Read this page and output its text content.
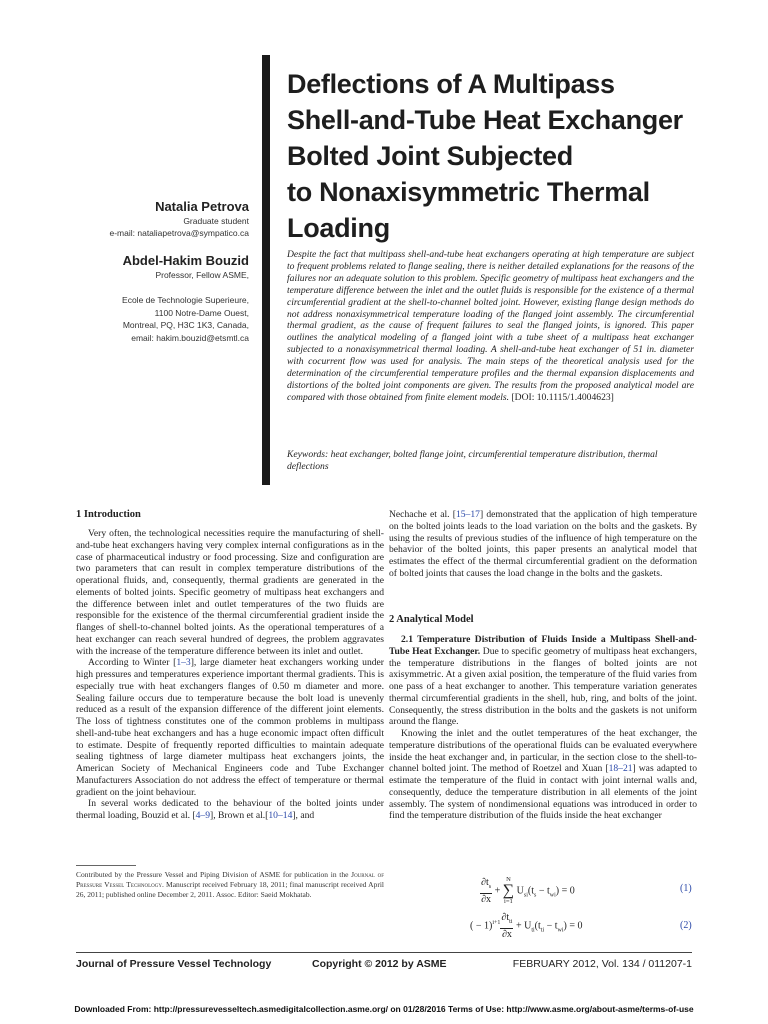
Deflections of A Multipass
Shell-and-Tube Heat Exchanger
Bolted Joint Subjected
to Nonaxisymmetric Thermal
Loading
Natalia Petrova
Graduate student
e-mail: nataliapetrova@sympatico.ca
Abdel-Hakim Bouzid
Professor, Fellow ASME,
Ecole de Technologie Superieure,
1100 Notre-Dame Ouest,
Montreal, PQ, H3C 1K3, Canada,
email: hakim.bouzid@etsmtl.ca
Despite the fact that multipass shell-and-tube heat exchangers operating at high temperature are subject to frequent problems related to flange sealing, there is neither detailed explanations for the reasons of the failures nor an adequate solution to this problem. Specific geometry of multipass heat exchangers and the temperature difference between the inlet and the outlet fluids is responsible for the existence of a thermal circumferential gradient at the shell-to-channel bolted joint. However, existing flange design methods do not address nonaxisymmetrical temperature loading of the flanged joint assembly. The circumferential thermal gradient, as the cause of frequent failures to seal the flanged joints, is ignored. This paper outlines the analytical modeling of a flanged joint with a tube sheet of a multipass heat exchanger subjected to a nonaxisymmetrical thermal loading. A shell-and-tube heat exchanger of 51 in. diameter with cocurrent flow was used for analysis. The main steps of the theoretical analysis used for the determination of the circumferential temperature profiles and the thermal expansion displacements and distortions of the bolted joint components are given. The results from the proposed analytical model are compared with those obtained from finite element models. [DOI: 10.1115/1.4004623]
Keywords: heat exchanger, bolted flange joint, circumferential temperature distribution, thermal deflections
1 Introduction

Very often, the technological necessities require the manufacturing of shell-and-tube heat exchangers having very complex internal configurations as in the case of pharmaceutical industry or food processing. Size and configuration are two parameters that can result in complex temperature distributions of the operational fluids, and, consequently, thermal gradients are generated in the elements of bolted joints. Specific geometry of multipass heat exchangers and the difference between inlet and outlet temperatures of the two fluids are responsible for the existence of the thermal circumferential gradient inside the flanges of shell-to-channel bolted joints. As the operational temperatures of a heat exchanger can reach several hundred of degrees, the problem aggravates with the increase of the temperature difference between its inlet and outlet.

According to Winter [1–3], large diameter heat exchangers working under high pressures and temperatures experience important thermal gradients. This is especially true with heat exchangers flanges of 0.50 m diameter and more. Sealing failure occurs due to temperature because the bolt load is unevenly reduced as a result of the expansion difference of the different joint elements. The loss of tightness constitutes one of the common problems in multipass shell-and-tube heat exchangers and has a huge economic impact often difficult to estimate. Despite of frequently reported difficulties to maintain adequate sealing tightness of large diameter multipass heat exchangers joints, the American Society of Mechanical Engineers code and Tube Exchanger Manufacturers Association do not address the effect of temperature or thermal gradient on the joint behaviour.

In several works dedicated to the behaviour of the bolted joints under thermal loading, Bouzid et al. [4–9], Brown et al.[10–14], and

Nechache et al. [15–17] demonstrated that the application of high temperature on the bolted joints leads to the load variation on the bolts and the gaskets. By using the results of previous studies of the influence of high temperature on the behavior of the bolted joints, this paper presents an analytical model that estimates the effect of the thermal circumferential gradient on the deformation of bolted joints that causes the load change in the bolts and the gaskets.

2 Analytical Model

2.1 Temperature Distribution of Fluids Inside a Multipass Shell-and-Tube Heat Exchanger. Due to specific geometry of multipass heat exchangers, the temperature distributions in the flanges of bolted joints are not axisymmetric. At a given axial position, the temperature of the fluid varies from one pass of a heat exchanger to another. This temperature variation generates thermal circumferential gradients in the shell, hub, ring, and bolts of the joint. Consequently, the stress distribution in the bolts and the gaskets is not uniform around the flange.

Knowing the inlet and the outlet temperatures of the heat exchanger, the temperature distributions of the operational fluids can be evaluated everywhere inside the heat exchanger and, in particular, in the section close to the shell-to-channel bolted joint. The method of Roetzel and Xuan [18–21] was adapted to estimate the temperature of the fluid in contact with joint internal walls and, consequently, deduce the temperature distribution in all elements of the joint assembly. The system of nondimensional equations was introduced in order to find the temperature distribution of the fluids inside the heat exchanger

$\frac{\partial t_s}{\partial x}$ +
N
∑
i=1
$U_{si}(t_s - t_{wi}) = 0$	(1)
( − $1)^{i+1} \frac{\partial t_{ti}}{\partial x} + U_{ti}(t_{ti} - t_{wi}) = 0$	(2)
Contributed by the Pressure Vessel and Piping Division of ASME for publication in the Journal of Pressure Vessel Technology. Manuscript received February 18, 2011; final manuscript received April 26, 2011; published online December 2, 2011. Assoc. Editor: Saeid Mokhatab.
Journal of Pressure Vessel Technology	Copyright © 2012 by ASME	FEBRUARY 2012, Vol. 134 / 011207-1
Downloaded From: http://pressurevesseltech.asmedigitalcollection.asme.org/ on 01/28/2016 Terms of Use: http://www.asme.org/about-asme/terms-of-use
